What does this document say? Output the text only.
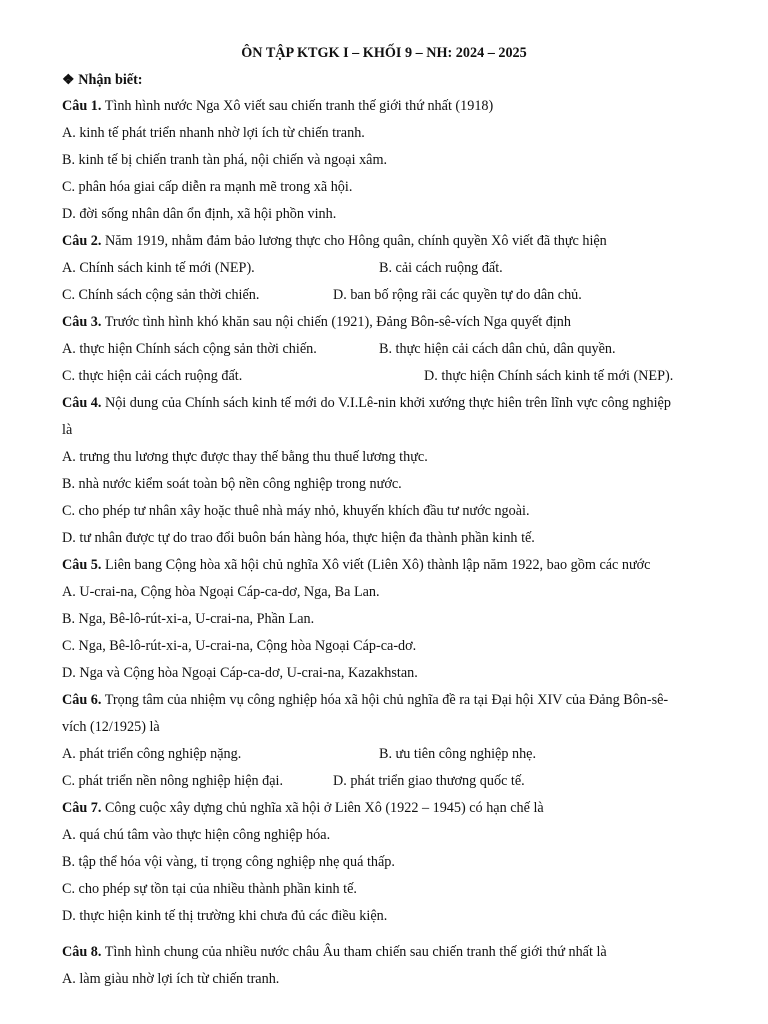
ÔN TẬP KTGK I – KHỐI 9 – NH: 2024 – 2025
❖ Nhận biết:
Câu 1. Tình hình nước Nga Xô viết sau chiến tranh thế giới thứ nhất (1918)
A. kinh tế phát triển nhanh nhờ lợi ích từ chiến tranh.
B. kinh tế bị chiến tranh tàn phá, nội chiến và ngoại xâm.
C. phân hóa giai cấp diễn ra mạnh mẽ trong xã hội.
D. đời sống nhân dân ổn định, xã hội phồn vinh.
Câu 2. Năm 1919, nhằm đảm bảo lương thực cho Hông quân, chính quyền Xô viết đã thực hiện
A. Chính sách kinh tế mới (NEP).	B. cải cách ruộng đất.
C. Chính sách cộng sản thời chiến.	D. ban bố rộng rãi các quyền tự do dân chủ.
Câu 3. Trước tình hình khó khăn sau nội chiến (1921), Đảng Bôn-sê-vích Nga quyết định
A. thực hiện Chính sách cộng sản thời chiến.	B. thực hiện cải cách dân chủ, dân quyền.
C. thực hiện cải cách ruộng đất.	D. thực hiện Chính sách kinh tế mới (NEP).
Câu 4. Nội dung của Chính sách kinh tế mới do V.I.Lê-nin khởi xướng thực hiên trên lĩnh vực công nghiệp
là
A. trưng thu lương thực được thay thế bằng thu thuế lương thực.
B. nhà nước kiểm soát toàn bộ nền công nghiệp trong nước.
C. cho phép tư nhân xây hoặc thuê nhà máy nhỏ, khuyến khích đầu tư nước ngoài.
D. tư nhân được tự do trao đổi buôn bán hàng hóa, thực hiện đa thành phần kinh tế.
Câu 5. Liên bang Cộng hòa xã hội chủ nghĩa Xô viết (Liên Xô) thành lập năm 1922, bao gồm các nước
A. U-crai-na, Cộng hòa Ngoại Cáp-ca-dơ, Nga, Ba Lan.
B. Nga, Bê-lô-rút-xi-a, U-crai-na, Phần Lan.
C. Nga, Bê-lô-rút-xi-a, U-crai-na, Cộng hòa Ngoại Cáp-ca-dơ.
D. Nga và Cộng hòa Ngoại Cáp-ca-dơ, U-crai-na, Kazakhstan.
Câu 6. Trọng tâm của nhiệm vụ công nghiệp hóa xã hội chủ nghĩa đề ra tại Đại hội XIV của Đảng Bôn-sê-
vích (12/1925) là
A. phát triển công nghiệp nặng.	B. ưu tiên công nghiệp nhẹ.
C. phát triển nền nông nghiệp hiện đại.	D. phát triển giao thương quốc tế.
Câu 7. Công cuộc xây dựng chủ nghĩa xã hội ở Liên Xô (1922 – 1945) có hạn chế là
A. quá chú tâm vào thực hiện công nghiệp hóa.
B. tập thể hóa vội vàng, tỉ trọng công nghiệp nhẹ quá thấp.
C. cho phép sự tồn tại của nhiều thành phần kinh tế.
D. thực hiện kinh tế thị trường khi chưa đủ các điều kiện.
Câu 8. Tình hình chung của nhiều nước châu Âu tham chiến sau chiến tranh thế giới thứ nhất là
A. làm giàu nhờ lợi ích từ chiến tranh.
